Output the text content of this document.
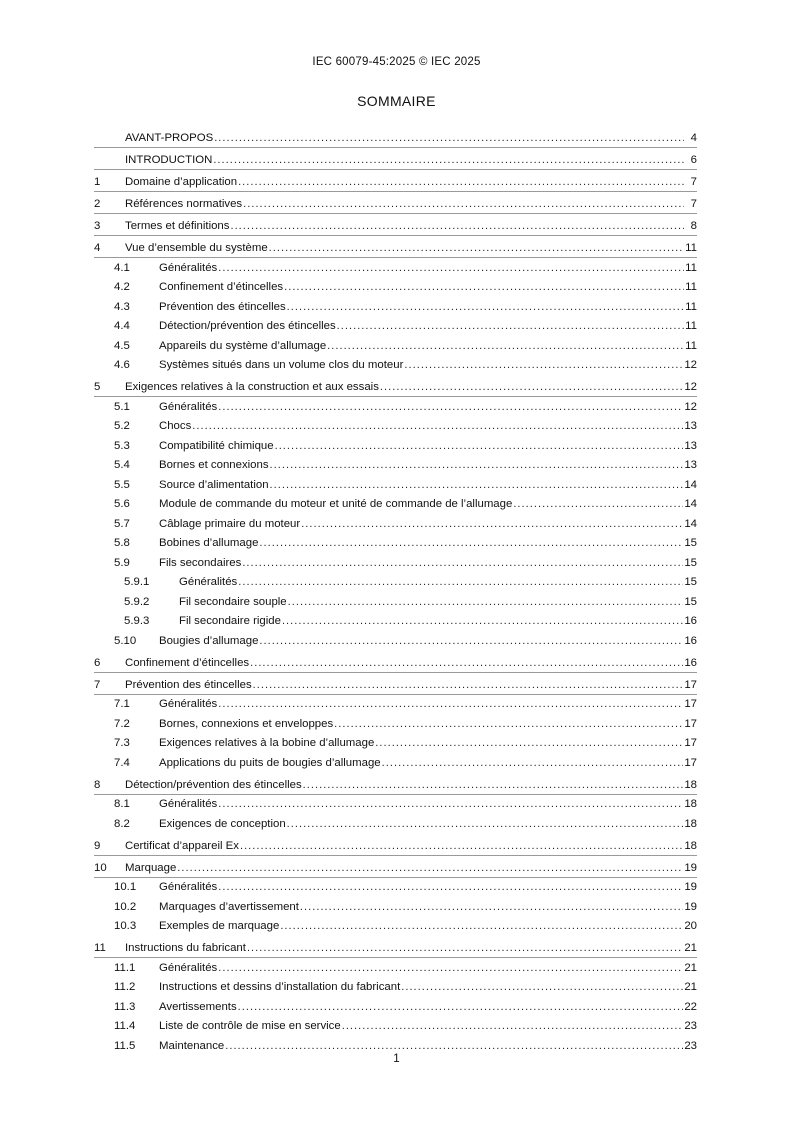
IEC 60079-45:2025 © IEC 2025
SOMMAIRE
AVANT-PROPOS .....	4
INTRODUCTION .....	6
1	Domaine d’application .....	7
2	Références normatives .....	7
3	Termes et définitions .....	8
4	Vue d’ensemble du système .....	11
4.1	Généralités .....	11
4.2	Confinement d’étincelles .....	11
4.3	Prévention des étincelles .....	11
4.4	Détection/prévention des étincelles .....	11
4.5	Appareils du système d’allumage .....	11
4.6	Systèmes situés dans un volume clos du moteur .....	12
5	Exigences relatives à la construction et aux essais .....	12
5.1	Généralités .....	12
5.2	Chocs .....	13
5.3	Compatibilité chimique .....	13
5.4	Bornes et connexions .....	13
5.5	Source d’alimentation .....	14
5.6	Module de commande du moteur et unité de commande de l’allumage .....	14
5.7	Câblage primaire du moteur .....	14
5.8	Bobines d’allumage .....	15
5.9	Fils secondaires .....	15
5.9.1	Généralités .....	15
5.9.2	Fil secondaire souple .....	15
5.9.3	Fil secondaire rigide .....	16
5.10	Bougies d’allumage .....	16
6	Confinement d’étincelles .....	16
7	Prévention des étincelles .....	17
7.1	Généralités .....	17
7.2	Bornes, connexions et enveloppes .....	17
7.3	Exigences relatives à la bobine d’allumage .....	17
7.4	Applications du puits de bougies d’allumage .....	17
8	Détection/prévention des étincelles .....	18
8.1	Généralités .....	18
8.2	Exigences de conception .....	18
9	Certificat d’appareil Ex .....	18
10	Marquage .....	19
10.1	Généralités .....	19
10.2	Marquages d’avertissement .....	19
10.3	Exemples de marquage .....	20
11	Instructions du fabricant .....	21
11.1	Généralités .....	21
11.2	Instructions et dessins d’installation du fabricant .....	21
11.3	Avertissements .....	22
11.4	Liste de contrôle de mise en service .....	23
11.5	Maintenance .....	23
1
